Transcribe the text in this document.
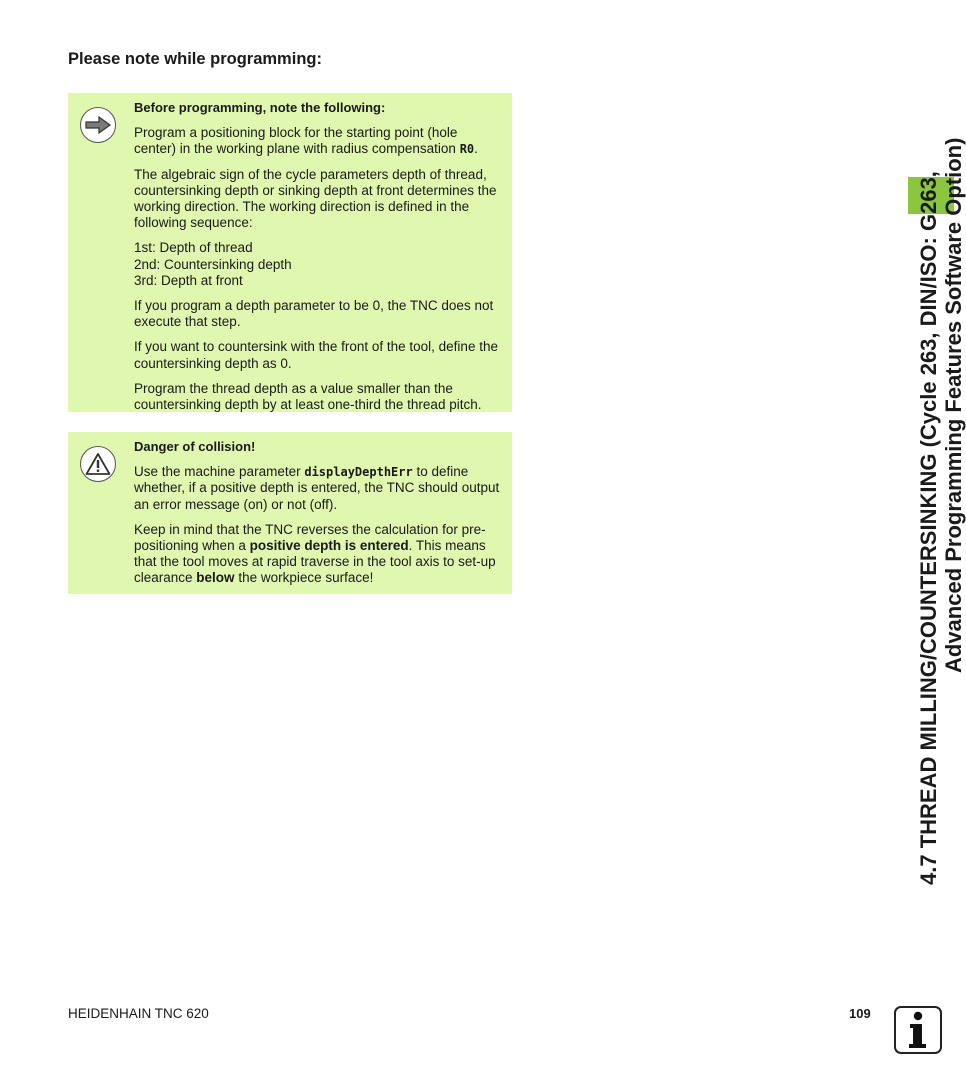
Please note while programming:
Before programming, note the following:

Program a positioning block for the starting point (hole center) in the working plane with radius compensation R0.

The algebraic sign of the cycle parameters depth of thread, countersinking depth or sinking depth at front determines the working direction. The working direction is defined in the following sequence:

1st: Depth of thread
2nd: Countersinking depth
3rd: Depth at front

If you program a depth parameter to be 0, the TNC does not execute that step.

If you want to countersink with the front of the tool, define the countersinking depth as 0.

Program the thread depth as a value smaller than the countersinking depth by at least one-third the thread pitch.

Danger of collision!

Use the machine parameter displayDepthErr to define whether, if a positive depth is entered, the TNC should output an error message (on) or not (off).

Keep in mind that the TNC reverses the calculation for pre-positioning when a positive depth is entered. This means that the tool moves at rapid traverse in the tool axis to set-up clearance below the workpiece surface!	4.7 THREAD MILLING/COUNTERSINKING (Cycle 263, DIN/ISO: G263, Advanced Programming Features Software Option)
HEIDENHAIN TNC 620	109
